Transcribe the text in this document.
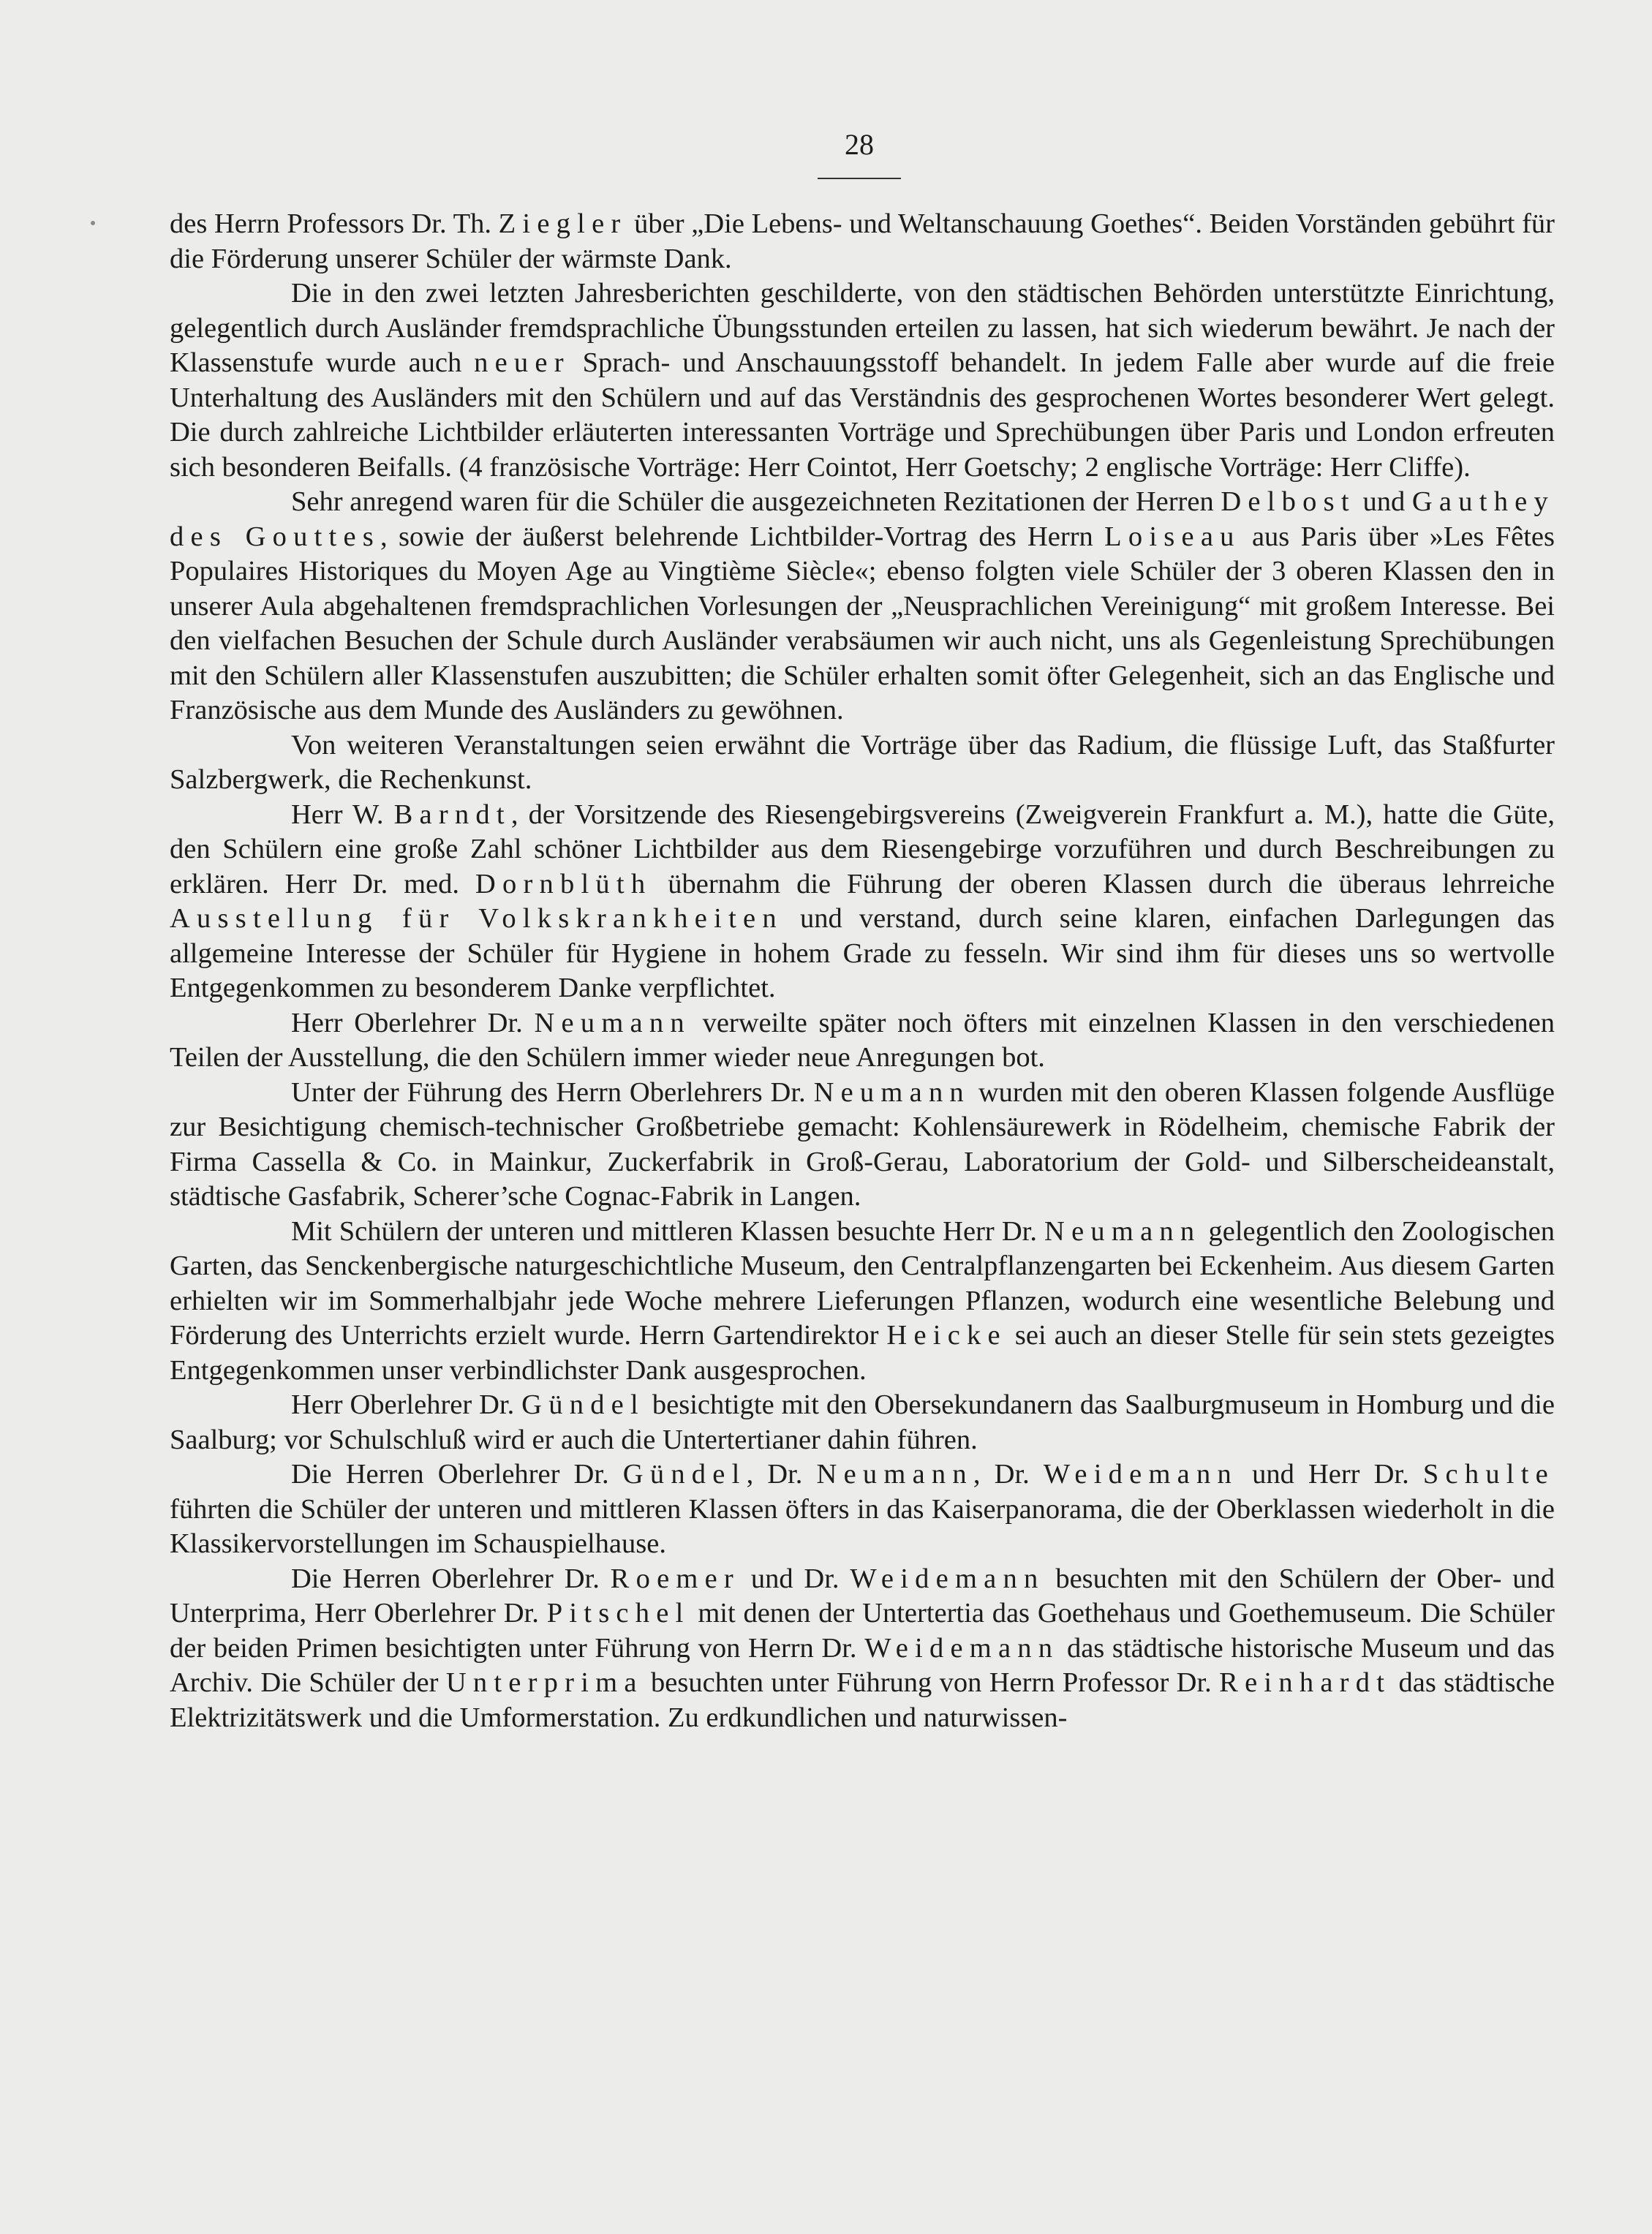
28

des Herrn Professors Dr. Th. Ziegler über „Die Lebens- und Weltanschauung Goethes“. Beiden Vorständen gebührt für die Förderung unserer Schüler der wärmste Dank.

Die in den zwei letzten Jahresberichten geschilderte, von den städtischen Behörden unterstützte Einrichtung, gelegentlich durch Ausländer fremdsprachliche Übungsstunden erteilen zu lassen, hat sich wiederum bewährt. Je nach der Klassenstufe wurde auch neuer Sprach- und Anschauungsstoff behandelt. In jedem Falle aber wurde auf die freie Unterhaltung des Ausländers mit den Schülern und auf das Verständnis des gesprochenen Wortes besonderer Wert gelegt. Die durch zahlreiche Lichtbilder erläuterten interessanten Vorträge und Sprechübungen über Paris und London erfreuten sich besonderen Beifalls. (4 französische Vorträge: Herr Cointot, Herr Goetschy; 2 englische Vorträge: Herr Cliffe).

Sehr anregend waren für die Schüler die ausgezeichneten Rezitationen der Herren Delbost und Gauthey des Gouttes, sowie der äußerst belehrende Lichtbilder-Vortrag des Herrn Loiseau aus Paris über »Les Fêtes Populaires Historiques du Moyen Age au Vingtième Siècle«; ebenso folgten viele Schüler der 3 oberen Klassen den in unserer Aula abgehaltenen fremdsprachlichen Vorlesungen der „Neusprachlichen Vereinigung“ mit großem Interesse. Bei den vielfachen Besuchen der Schule durch Ausländer verabsäumen wir auch nicht, uns als Gegenleistung Sprechübungen mit den Schülern aller Klassenstufen auszubitten; die Schüler erhalten somit öfter Gelegenheit, sich an das Englische und Französische aus dem Munde des Ausländers zu gewöhnen.

Von weiteren Veranstaltungen seien erwähnt die Vorträge über das Radium, die flüssige Luft, das Staßfurter Salzbergwerk, die Rechenkunst.

Herr W. Barndt, der Vorsitzende des Riesengebirgsvereins (Zweigverein Frankfurt a. M.), hatte die Güte, den Schülern eine große Zahl schöner Lichtbilder aus dem Riesengebirge vorzuführen und durch Beschreibungen zu erklären. Herr Dr. med. Dornblüth übernahm die Führung der oberen Klassen durch die überaus lehrreiche Ausstellung für Volkskrankheiten und verstand, durch seine klaren, einfachen Darlegungen das allgemeine Interesse der Schüler für Hygiene in hohem Grade zu fesseln. Wir sind ihm für dieses uns so wertvolle Entgegenkommen zu besonderem Danke verpflichtet.

Herr Oberlehrer Dr. Neumann verweilte später noch öfters mit einzelnen Klassen in den verschiedenen Teilen der Ausstellung, die den Schülern immer wieder neue Anregungen bot.

Unter der Führung des Herrn Oberlehrers Dr. Neumann wurden mit den oberen Klassen folgende Ausflüge zur Besichtigung chemisch-technischer Großbetriebe gemacht: Kohlensäurewerk in Rödelheim, chemische Fabrik der Firma Cassella & Co. in Mainkur, Zuckerfabrik in Groß-Gerau, Laboratorium der Gold- und Silberscheideanstalt, städtische Gasfabrik, Scherer’sche Cognac-Fabrik in Langen.

Mit Schülern der unteren und mittleren Klassen besuchte Herr Dr. Neumann gelegentlich den Zoologischen Garten, das Senckenbergische naturgeschichtliche Museum, den Centralpflanzengarten bei Eckenheim. Aus diesem Garten erhielten wir im Sommerhalbjahr jede Woche mehrere Lieferungen Pflanzen, wodurch eine wesentliche Belebung und Förderung des Unterrichts erzielt wurde. Herrn Gartendirektor Heicke sei auch an dieser Stelle für sein stets gezeigtes Entgegenkommen unser verbindlichster Dank ausgesprochen.

Herr Oberlehrer Dr. Gündel besichtigte mit den Obersekundanern das Saalburgmuseum in Homburg und die Saalburg; vor Schulschluß wird er auch die Untertertianer dahin führen.

Die Herren Oberlehrer Dr. Gündel, Dr. Neumann, Dr. Weidemann und Herr Dr. Schulte führten die Schüler der unteren und mittleren Klassen öfters in das Kaiserpanorama, die der Oberklassen wiederholt in die Klassikervorstellungen im Schauspielhause.

Die Herren Oberlehrer Dr. Roemer und Dr. Weidemann besuchten mit den Schülern der Ober- und Unterprima, Herr Oberlehrer Dr. Pitschel mit denen der Untertertia das Goethehaus und Goethemuseum. Die Schüler der beiden Primen besichtigten unter Führung von Herrn Dr. Weidemann das städtische historische Museum und das Archiv. Die Schüler der Unterprima besuchten unter Führung von Herrn Professor Dr. Reinhardt das städtische Elektrizitätswerk und die Umformerstation. Zu erdkundlichen und naturwissen-
